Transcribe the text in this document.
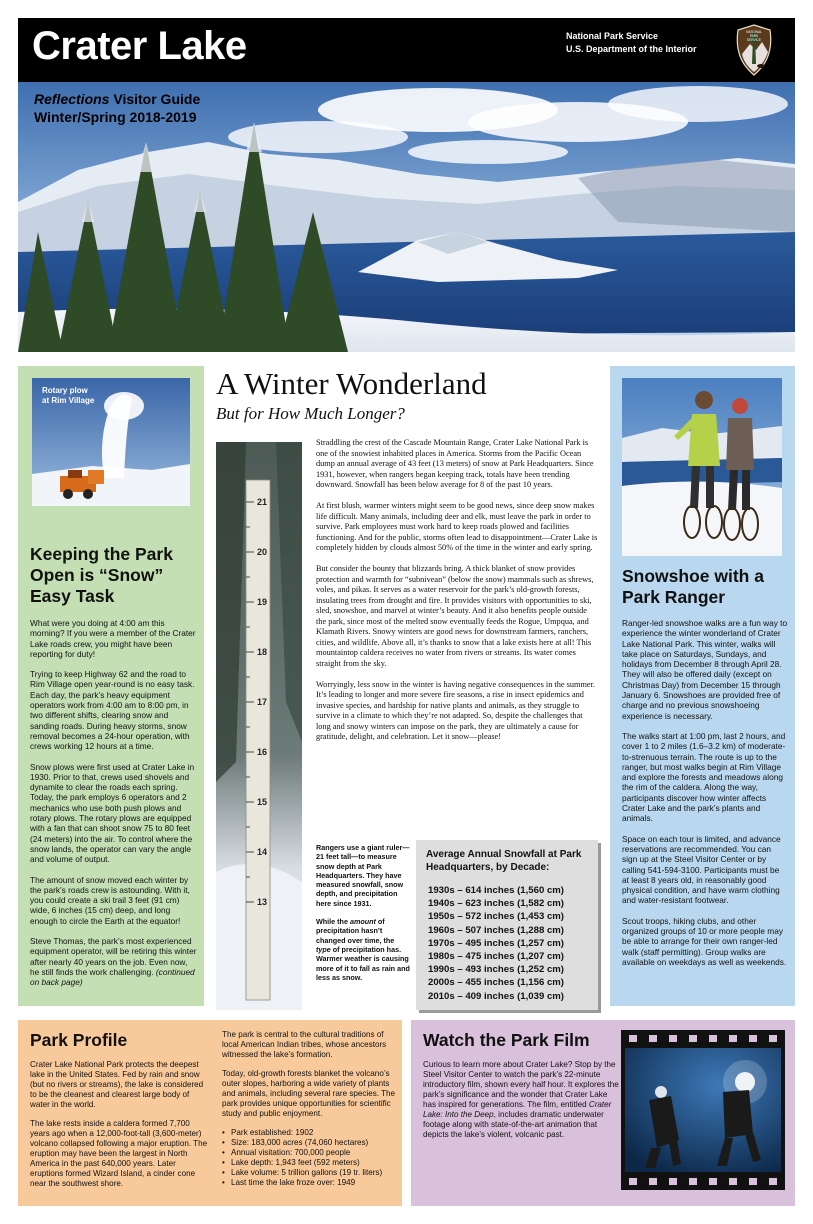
Crater Lake	National Park Service
U.S. Department of the Interior
NATIONAL
PARK
SERVICE
Reflections Visitor Guide
Winter/Spring 2018-2019
Rotary plow
at Rim Village
Keeping the Park Open is “Snow” Easy Task

What were you doing at 4:00 am this morning? If you were a member of the Crater Lake roads crew, you might have been reporting for duty!

Trying to keep Highway 62 and the road to Rim Village open year-round is no easy task. Each day, the park’s heavy equipment operators work from 4:00 am to 8:00 pm, in two different shifts, clearing snow and sanding roads. During heavy storms, snow removal becomes a 24-hour operation, with crews working 12 hours at a time.

Snow plows were first used at Crater Lake in 1930. Prior to that, crews used shovels and dynamite to clear the roads each spring. Today, the park employs 6 operators and 2 mechanics who use both push plows and rotary plows. The rotary plows are equipped with a fan that can shoot snow 75 to 80 feet (24 meters) into the air. To control where the snow lands, the operator can vary the angle and volume of output.

The amount of snow moved each winter by the park’s roads crew is astounding. With it, you could create a ski trail 3 feet (91 cm) wide, 6 inches (15 cm) deep, and long enough to circle the Earth at the equator!

Steve Thomas, the park’s most experienced equipment operator, will be retiring this winter after nearly 40 years on the job. Even now, he still finds the work challenging. (continued on back page)

A Winter Wonderland
But for How Much Longer?
21
20
19
18
17
16
15
14
13

Straddling the crest of the Cascade Mountain Range, Crater Lake National Park is one of the snowiest inhabited places in America. Storms from the Pacific Ocean dump an annual average of 43 feet (13 meters) of snow at Park Headquarters. Since 1931, however, when rangers began keeping track, totals have been trending downward. Snowfall has been below average for 8 of the past 10 years.

At first blush, warmer winters might seem to be good news, since deep snow makes life difficult. Many animals, including deer and elk, must leave the park in order to survive. Park employees must work hard to keep roads plowed and facilities functioning. And for the public, storms often lead to disappointment—Crater Lake is completely hidden by clouds almost 50% of the time in the winter and early spring.

But consider the bounty that blizzards bring. A thick blanket of snow provides protection and warmth for “subnivean” (below the snow) mammals such as shrews, voles, and pikas. It serves as a water reservoir for the park’s old-growth forests, insulating trees from drought and fire. It provides visitors with opportunities to ski, sled, snowshoe, and marvel at winter’s beauty. And it also benefits people outside the park, since most of the melted snow eventually feeds the Rogue, Umpqua, and Klamath Rivers. Snowy winters are good news for downstream farmers, ranchers, cities, and wildlife. Above all, it’s thanks to snow that a lake exists here at all! This mountaintop caldera receives no water from rivers or streams. Its water comes straight from the sky.

Worryingly, less snow in the winter is having negative consequences in the summer. It’s leading to longer and more severe fire seasons, a rise in insect epidemics and invasive species, and hardship for native plants and animals, as they struggle to survive in a climate to which they’re not adapted. So, despite the challenges that long and snowy winters can impose on the park, they are ultimately a cause for gratitude, delight, and celebration. Let it snow—please!

Rangers use a giant ruler—21 feet tall—to measure snow depth at Park Headquarters. They have measured snowfall, snow depth, and precipitation here since 1931.

While the amount of precipitation hasn’t changed over time, the type of precipitation has. Warmer weather is causing more of it to fall as rain and less as snow.

Average Annual Snowfall at Park Headquarters, by Decade:
1930s – 614 inches (1,560 cm)
1940s – 623 inches (1,582 cm)
1950s – 572 inches (1,453 cm)
1960s – 507 inches (1,288 cm)
1970s – 495 inches (1,257 cm)
1980s – 475 inches (1,207 cm)
1990s – 493 inches (1,252 cm)
2000s – 455 inches (1,156 cm)
2010s – 409 inches (1,039 cm)
Snowshoe with a Park Ranger

Ranger-led snowshoe walks are a fun way to experience the winter wonderland of Crater Lake National Park. This winter, walks will take place on Saturdays, Sundays, and holidays from December 8 through April 28. They will also be offered daily (except on Christmas Day) from December 15 through January 6. Snowshoes are provided free of charge and no previous snowshoeing experience is necessary.

The walks start at 1:00 pm, last 2 hours, and cover 1 to 2 miles (1.6–3.2 km) of moderate-to-strenuous terrain. The route is up to the ranger, but most walks begin at Rim Village and explore the forests and meadows along the rim of the caldera. Along the way, participants discover how winter affects Crater Lake and the park’s plants and animals.

Space on each tour is limited, and advance reservations are recommended. You can sign up at the Steel Visitor Center or by calling 541-594-3100. Participants must be at least 8 years old, in reasonably good physical condition, and have warm clothing and water-resistant footwear.

Scout troops, hiking clubs, and other organized groups of 10 or more people may be able to arrange for their own ranger-led walk (staff permitting). Group walks are available on weekdays as well as weekends.

Park Profile

Crater Lake National Park protects the deepest lake in the United States. Fed by rain and snow (but no rivers or streams), the lake is considered to be the cleanest and clearest large body of water in the world.

The lake rests inside a caldera formed 7,700 years ago when a 12,000-foot-tall (3,600-meter) volcano collapsed following a major eruption. The eruption may have been the largest in North America in the past 640,000 years. Later eruptions formed Wizard Island, a cinder cone near the southwest shore.

The park is central to the cultural traditions of local American Indian tribes, whose ancestors witnessed the lake’s formation.

Today, old-growth forests blanket the volcano’s outer slopes, harboring a wide variety of plants and animals, including several rare species. The park provides unique opportunities for scientific study and public enjoyment.

• Park established: 1902
• Size: 183,000 acres (74,060 hectares)
• Annual visitation: 700,000 people
• Lake depth: 1,943 feet (592 meters)
• Lake volume: 5 trillion gallons (19 tr. liters)
• Last time the lake froze over: 1949
Watch the Park Film
Curious to learn more about Crater Lake? Stop by the Steel Visitor Center to watch the park’s 22-minute introductory film, shown every half hour. It explores the park’s significance and the wonder that Crater Lake has inspired for generations. The film, entitled Crater Lake: Into the Deep, includes dramatic underwater footage along with state-of-the-art animation that depicts the lake’s violent, volcanic past.
